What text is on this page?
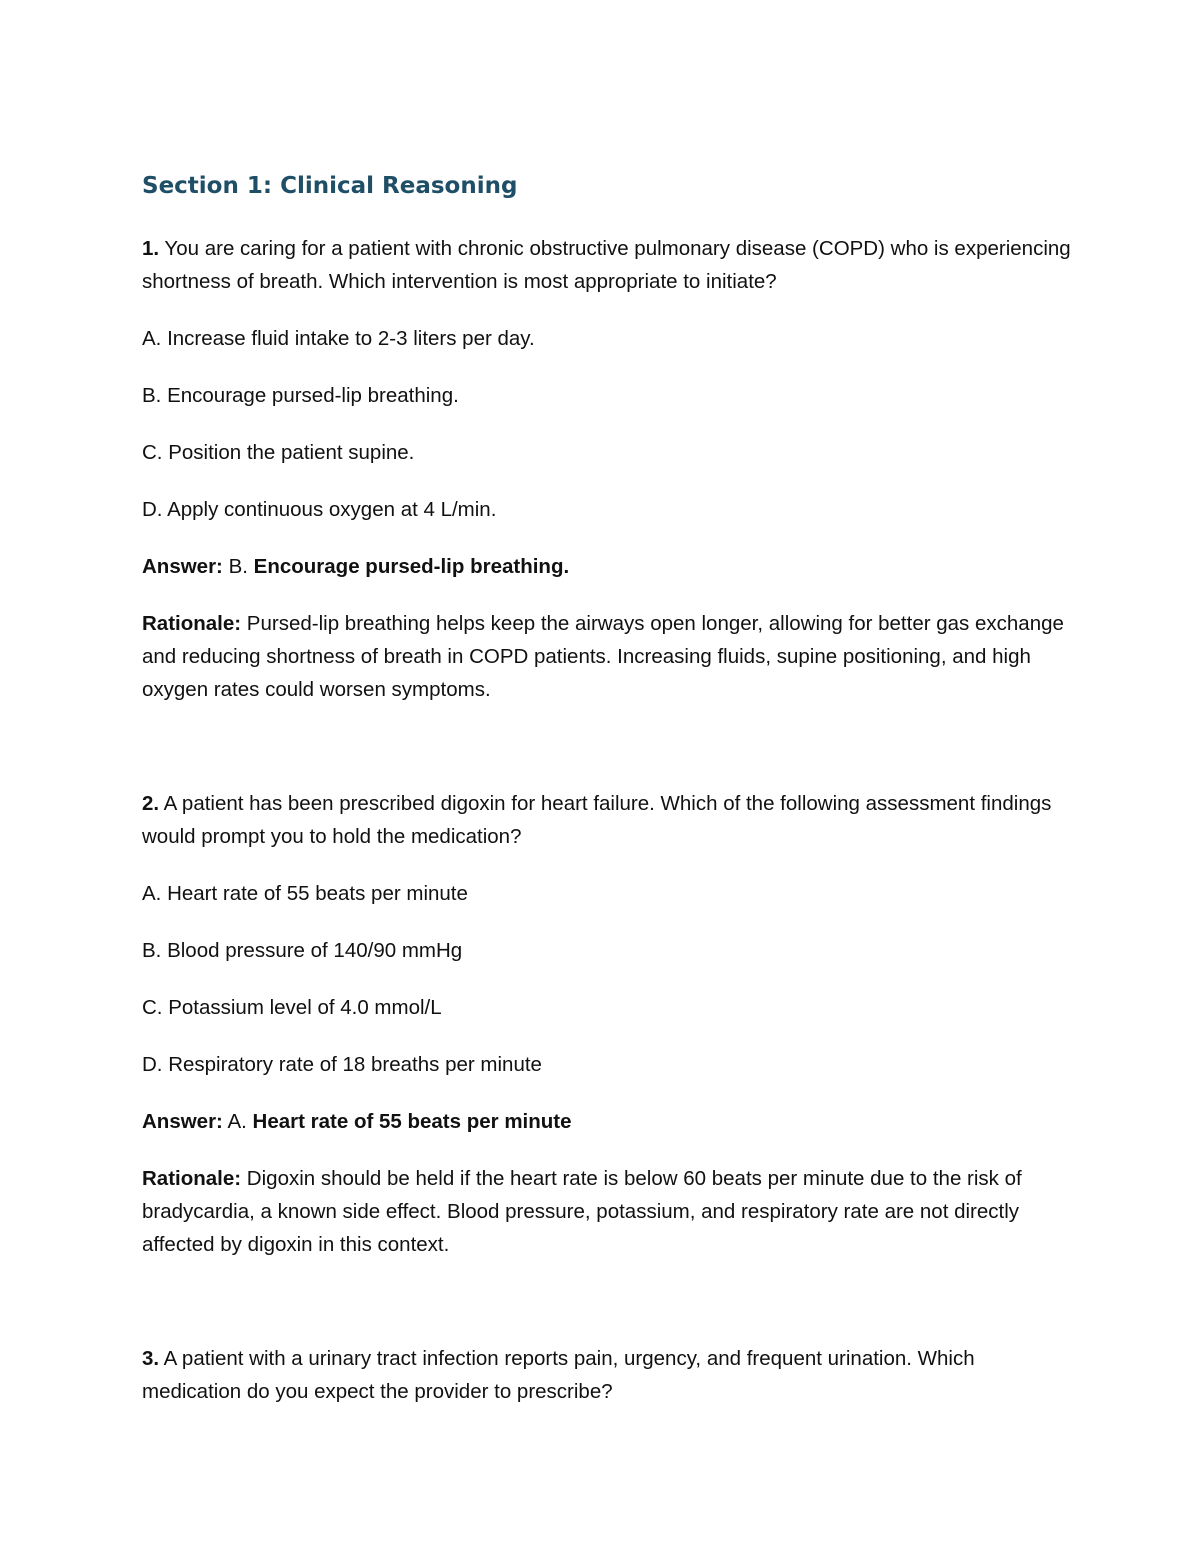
Section 1: Clinical Reasoning

1. You are caring for a patient with chronic obstructive pulmonary disease (COPD) who is experiencing shortness of breath. Which intervention is most appropriate to initiate?

A. Increase fluid intake to 2-3 liters per day.

B. Encourage pursed-lip breathing.

C. Position the patient supine.

D. Apply continuous oxygen at 4 L/min.

Answer: B. Encourage pursed-lip breathing.

Rationale: Pursed-lip breathing helps keep the airways open longer, allowing for better gas exchange and reducing shortness of breath in COPD patients. Increasing fluids, supine positioning, and high oxygen rates could worsen symptoms.

2. A patient has been prescribed digoxin for heart failure. Which of the following assessment findings would prompt you to hold the medication?

A. Heart rate of 55 beats per minute

B. Blood pressure of 140/90 mmHg

C. Potassium level of 4.0 mmol/L

D. Respiratory rate of 18 breaths per minute

Answer: A. Heart rate of 55 beats per minute

Rationale: Digoxin should be held if the heart rate is below 60 beats per minute due to the risk of bradycardia, a known side effect. Blood pressure, potassium, and respiratory rate are not directly affected by digoxin in this context.

3. A patient with a urinary tract infection reports pain, urgency, and frequent urination. Which medication do you expect the provider to prescribe?
